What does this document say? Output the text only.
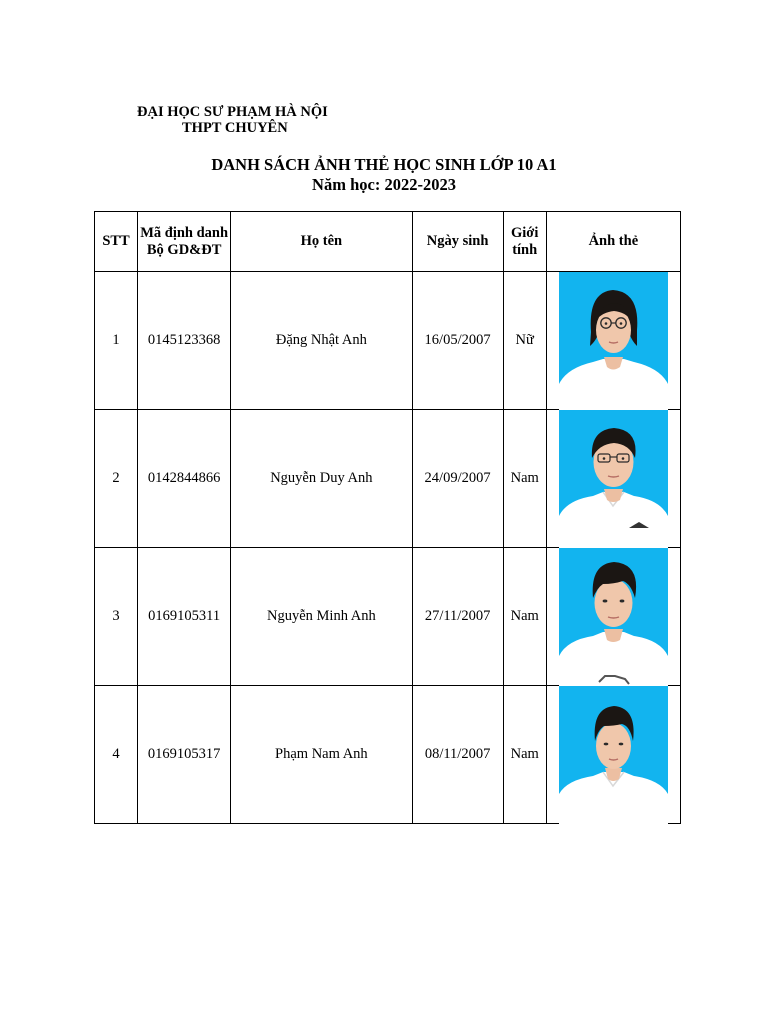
ĐẠI HỌC SƯ PHẠM HÀ NỘI
THPT CHUYÊN
DANH SÁCH ẢNH THẺ HỌC SINH LỚP 10 A1
Năm học: 2022-2023
STT	Mã định danh Bộ GD&ĐT	Họ tên	Ngày sinh	Giới tính	Ảnh thẻ
1	0145123368	Đặng Nhật Anh	16/05/2007	Nữ	

2	0142844866	Nguyễn Duy Anh	24/09/2007	Nam	

3	0169105311	Nguyễn Minh Anh	27/11/2007	Nam	

4	0169105317	Phạm Nam Anh	08/11/2007	Nam	
